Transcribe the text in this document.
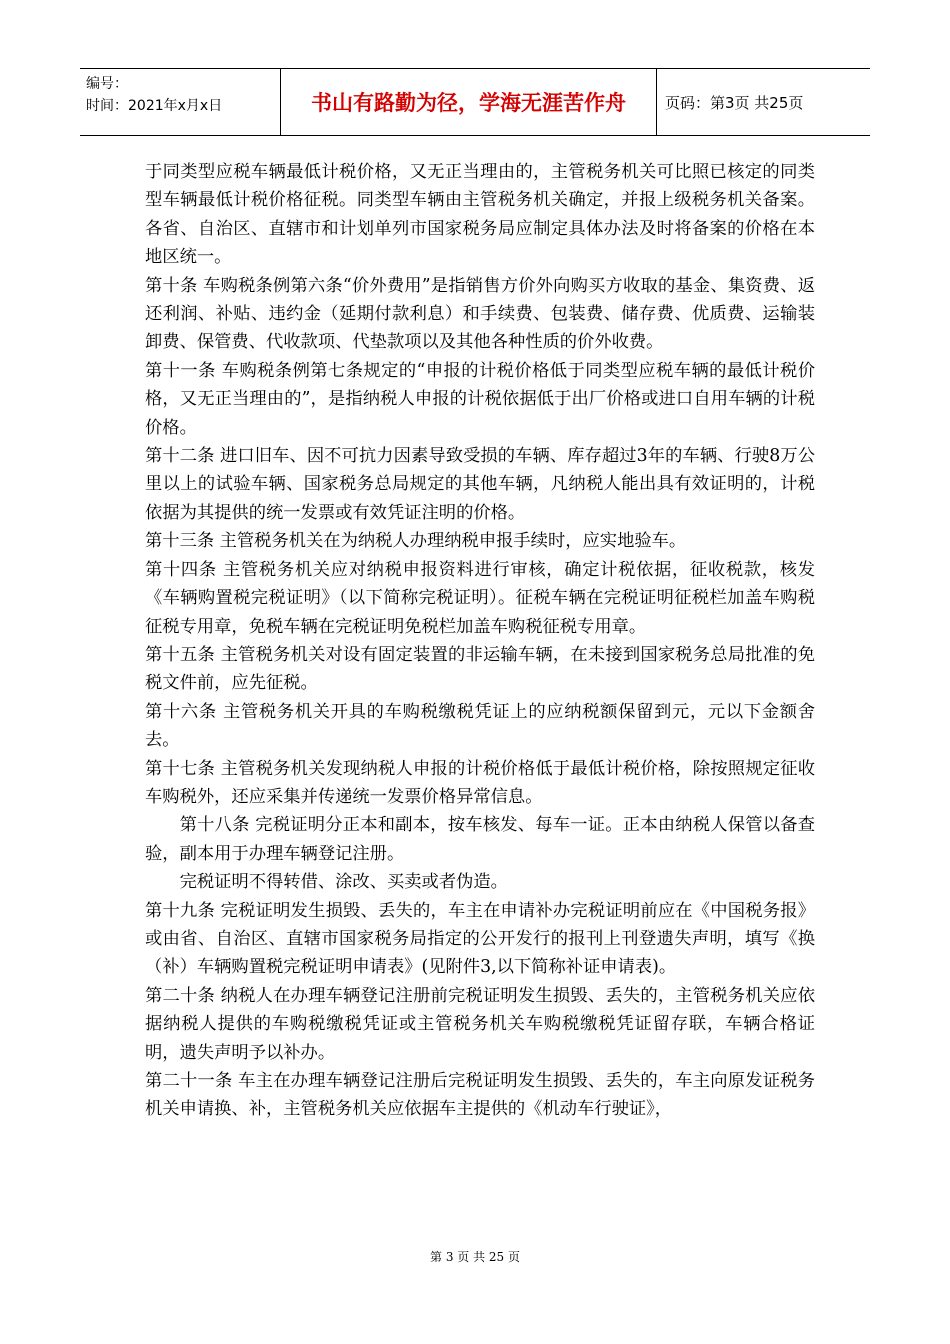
编号：
时间：2021年x月x日	书山有路勤为径，学海无涯苦作舟	页码：第3页 共25页

于同类型应税车辆最低计税价格，又无正当理由的，主管税务机关可比照已核定的同类型车辆最低计税价格征税。同类型车辆由主管税务机关确定，并报上级税务机关备案。各省、自治区、直辖市和计划单列市国家税务局应制定具体办法及时将备案的价格在本地区统一。

第十条 车购税条例第六条“价外费用”是指销售方价外向购买方收取的基金、集资费、返还利润、补贴、违约金（延期付款利息）和手续费、包装费、储存费、优质费、运输装卸费、保管费、代收款项、代垫款项以及其他各种性质的价外收费。

第十一条 车购税条例第七条规定的“申报的计税价格低于同类型应税车辆的最低计税价格，又无正当理由的”，是指纳税人申报的计税依据低于出厂价格或进口自用车辆的计税价格。

第十二条 进口旧车、因不可抗力因素导致受损的车辆、库存超过3年的车辆、行驶8万公里以上的试验车辆、国家税务总局规定的其他车辆，凡纳税人能出具有效证明的，计税依据为其提供的统一发票或有效凭证注明的价格。

第十三条 主管税务机关在为纳税人办理纳税申报手续时，应实地验车。

第十四条 主管税务机关应对纳税申报资料进行审核，确定计税依据，征收税款，核发《车辆购置税完税证明》（以下简称完税证明）。征税车辆在完税证明征税栏加盖车购税征税专用章，免税车辆在完税证明免税栏加盖车购税征税专用章。

第十五条 主管税务机关对设有固定装置的非运输车辆，在未接到国家税务总局批准的免税文件前，应先征税。

第十六条 主管税务机关开具的车购税缴税凭证上的应纳税额保留到元，元以下金额舍去。

第十七条 主管税务机关发现纳税人申报的计税价格低于最低计税价格，除按照规定征收车购税外，还应采集并传递统一发票价格异常信息。

第十八条 完税证明分正本和副本，按车核发、每车一证。正本由纳税人保管以备查验，副本用于办理车辆登记注册。

完税证明不得转借、涂改、买卖或者伪造。

第十九条 完税证明发生损毁、丢失的，车主在申请补办完税证明前应在《中国税务报》或由省、自治区、直辖市国家税务局指定的公开发行的报刊上刊登遗失声明，填写《换（补）车辆购置税完税证明申请表》(见附件3,以下简称补证申请表)。

第二十条 纳税人在办理车辆登记注册前完税证明发生损毁、丢失的，主管税务机关应依据纳税人提供的车购税缴税凭证或主管税务机关车购税缴税凭证留存联，车辆合格证明，遗失声明予以补办。

第二十一条 车主在办理车辆登记注册后完税证明发生损毁、丢失的，车主向原发证税务机关申请换、补，主管税务机关应依据车主提供的《机动车行驶证》，

第 3 页 共 25 页
